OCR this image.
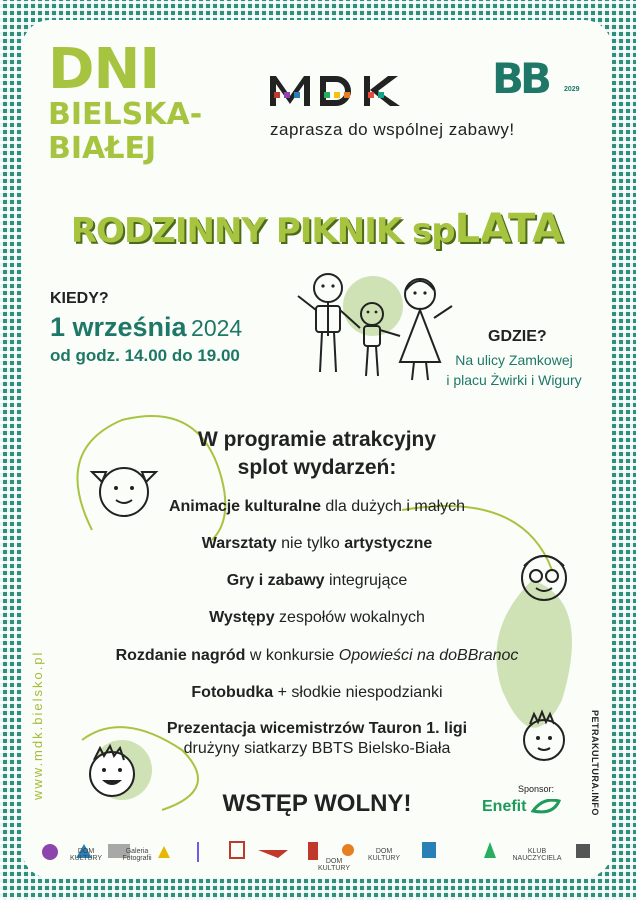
DNI
BIELSKA-
BIAŁEJ
zaprasza do wspólnej zabawy!
BB 2029
RODZINNY PIKNIK spLATA
KIEDY?
1 września 2024
od godz. 14.00 do 19.00
GDZIE?
Na ulicy Zamkowej
i placu Żwirki i Wigury
W programie atrakcyjny
splot wydarzeń:
Animacje kulturalne dla dużych i małych
Warsztaty nie tylko artystyczne
Gry i zabawy integrujące
Występy zespołów wokalnych
Rozdanie nagród w konkursie Opowieści na doBBranoc
Fotobudka + słodkie niespodzianki
Prezentacja wicemistrzów Tauron 1. ligi
drużyny siatkarzy BBTS Bielsko-Biała
WSTĘP WOLNY!
www.mdk.bielsko.pl	PETRAKULTURA.INFO
Sponsor:
Enefit
DOM KULTURY
Galeria Fotografii
DOM KULTURY
KLUB NAUCZYCIELA
DOM KULTURY
